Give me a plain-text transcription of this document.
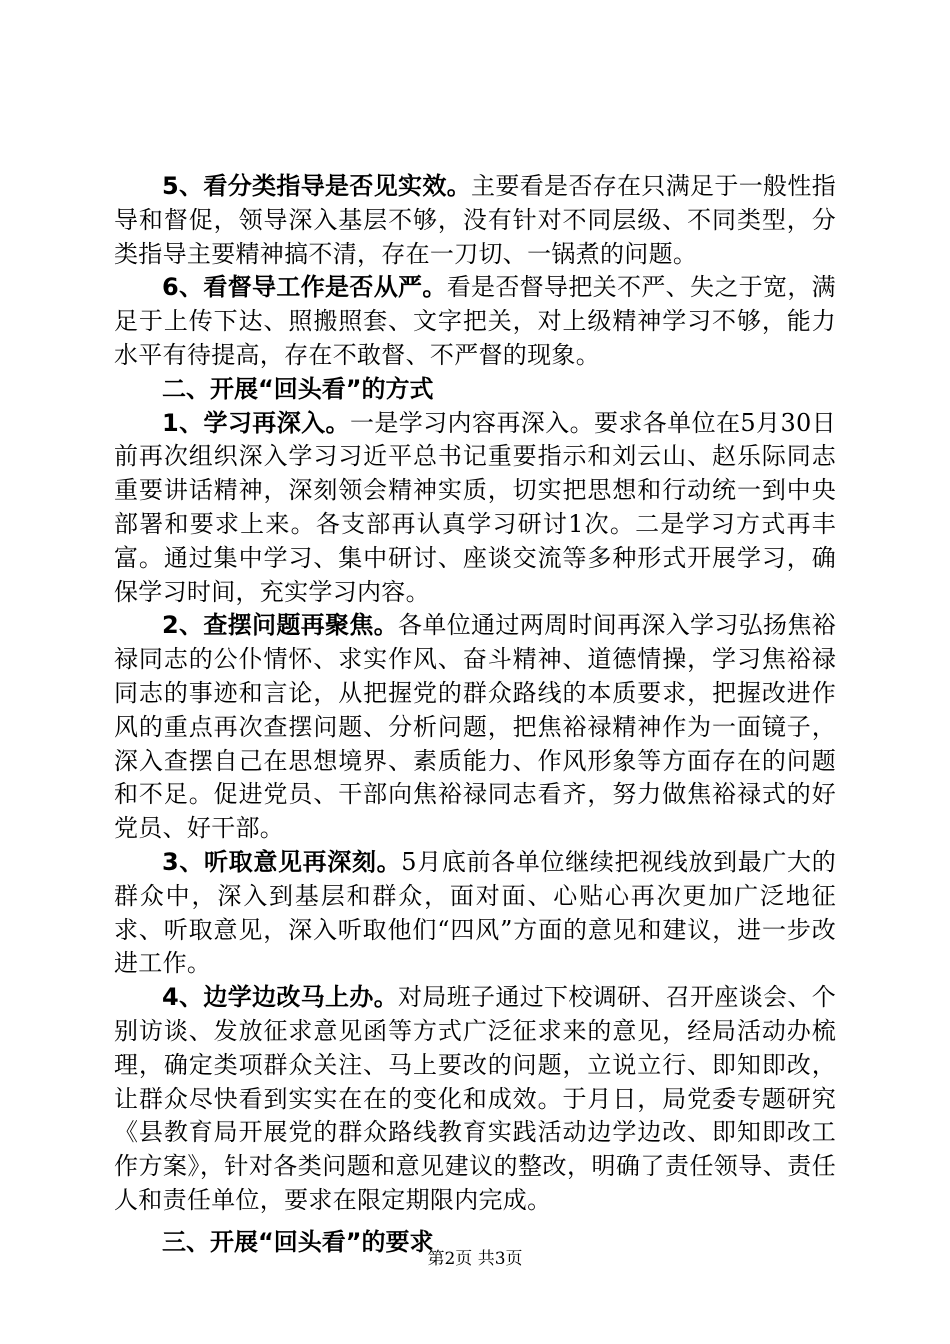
5、看分类指导是否见实效。主要看是否存在只满足于一般性指导和督促，领导深入基层不够，没有针对不同层级、不同类型，分类指导主要精神搞不清，存在一刀切、一锅煮的问题。

6、看督导工作是否从严。看是否督导把关不严、失之于宽，满足于上传下达、照搬照套、文字把关，对上级精神学习不够，能力水平有待提高，存在不敢督、不严督的现象。

二、开展“回头看”的方式

1、学习再深入。一是学习内容再深入。要求各单位在5月30日前再次组织深入学习习近平总书记重要指示和刘云山、赵乐际同志重要讲话精神，深刻领会精神实质，切实把思想和行动统一到中央部署和要求上来。各支部再认真学习研讨1次。二是学习方式再丰富。通过集中学习、集中研讨、座谈交流等多种形式开展学习，确保学习时间，充实学习内容。

2、查摆问题再聚焦。各单位通过两周时间再深入学习弘扬焦裕禄同志的公仆情怀、求实作风、奋斗精神、道德情操，学习焦裕禄同志的事迹和言论，从把握党的群众路线的本质要求，把握改进作风的重点再次查摆问题、分析问题，把焦裕禄精神作为一面镜子，深入查摆自己在思想境界、素质能力、作风形象等方面存在的问题和不足。促进党员、干部向焦裕禄同志看齐，努力做焦裕禄式的好党员、好干部。

3、听取意见再深刻。5月底前各单位继续把视线放到最广大的群众中，深入到基层和群众，面对面、心贴心再次更加广泛地征求、听取意见，深入听取他们“四风”方面的意见和建议，进一步改进工作。

4、边学边改马上办。对局班子通过下校调研、召开座谈会、个别访谈、发放征求意见函等方式广泛征求来的意见，经局活动办梳理，确定类项群众关注、马上要改的问题，立说立行、即知即改，让群众尽快看到实实在在的变化和成效。于月日，局党委专题研究《县教育局开展党的群众路线教育实践活动边学边改、即知即改工作方案》，针对各类问题和意见建议的整改，明确了责任领导、责任人和责任单位，要求在限定期限内完成。

三、开展“回头看”的要求

第2页 共3页
